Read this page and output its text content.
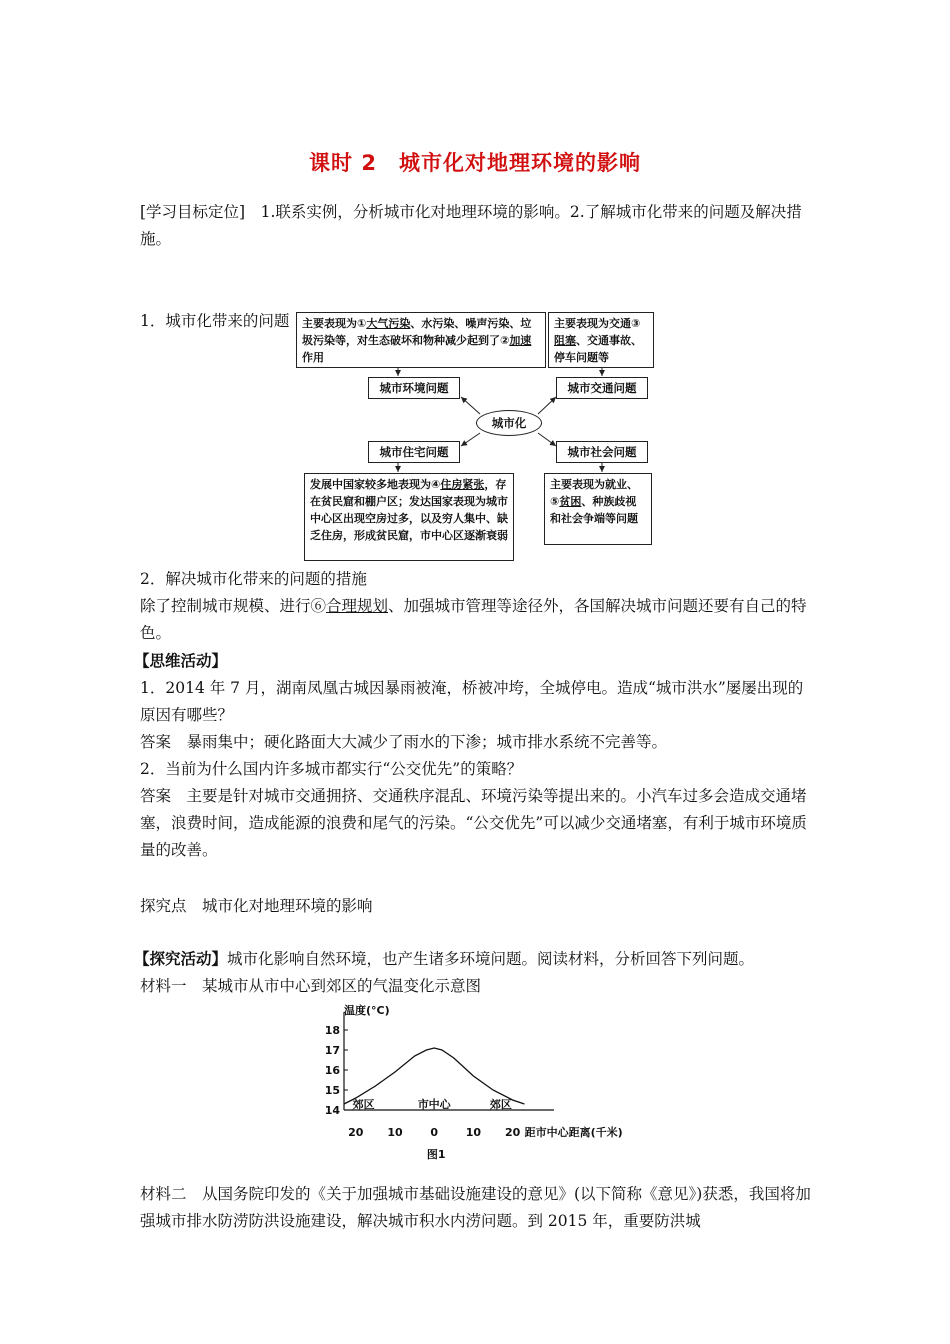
课时 2　城市化对地理环境的影响
[学习目标定位]　1.联系实例，分析城市化对地理环境的影响。2.了解城市化带来的问题及解决措施。
1．城市化带来的问题	主要表现为①大气污染、水污染、噪声污染、垃圾污染等，对生态破坏和物种减少起到了②加速作用
主要表现为交通③阻塞、交通事故、停车问题等
城市环境问题	城市交通问题
城市化
城市住宅问题	城市社会问题
发展中国家较多地表现为④住房紧张，存在贫民窟和棚户区；发达国家表现为城市中心区出现空房过多，以及穷人集中、缺乏住房，形成贫民窟，市中心区逐渐衰弱
主要表现为就业、⑤贫困、种族歧视和社会争端等问题
2．解决城市化带来的问题的措施
除了控制城市规模、进行⑥合理规划、加强城市管理等途径外，各国解决城市问题还要有自己的特色。
【思维活动】
1．2014 年 7 月，湖南凤凰古城因暴雨被淹，桥被冲垮，全城停电。造成“城市洪水”屡屡出现的原因有哪些？
答案　暴雨集中；硬化路面大大减少了雨水的下渗；城市排水系统不完善等。
2．当前为什么国内许多城市都实行“公交优先”的策略？
答案　主要是针对城市交通拥挤、交通秩序混乱、环境污染等提出来的。小汽车过多会造成交通堵塞，浪费时间，造成能源的浪费和尾气的污染。“公交优先”可以减少交通堵塞，有利于城市环境质量的改善。
探究点　城市化对地理环境的影响
【探究活动】城市化影响自然环境，也产生诸多环境问题。阅读材料，分析回答下列问题。
材料一　某城市从市中心到郊区的气温变化示意图
温度(°C)
14
15
16
17
18
20 10	0	10 20 距市中心距离(千米)
郊区	市中心	郊区
图1
材料二　从国务院印发的《关于加强城市基础设施建设的意见》(以下简称《意见》)获悉，我国将加强城市排水防涝防洪设施建设，解决城市积水内涝问题。到 2015 年，重要防洪城
